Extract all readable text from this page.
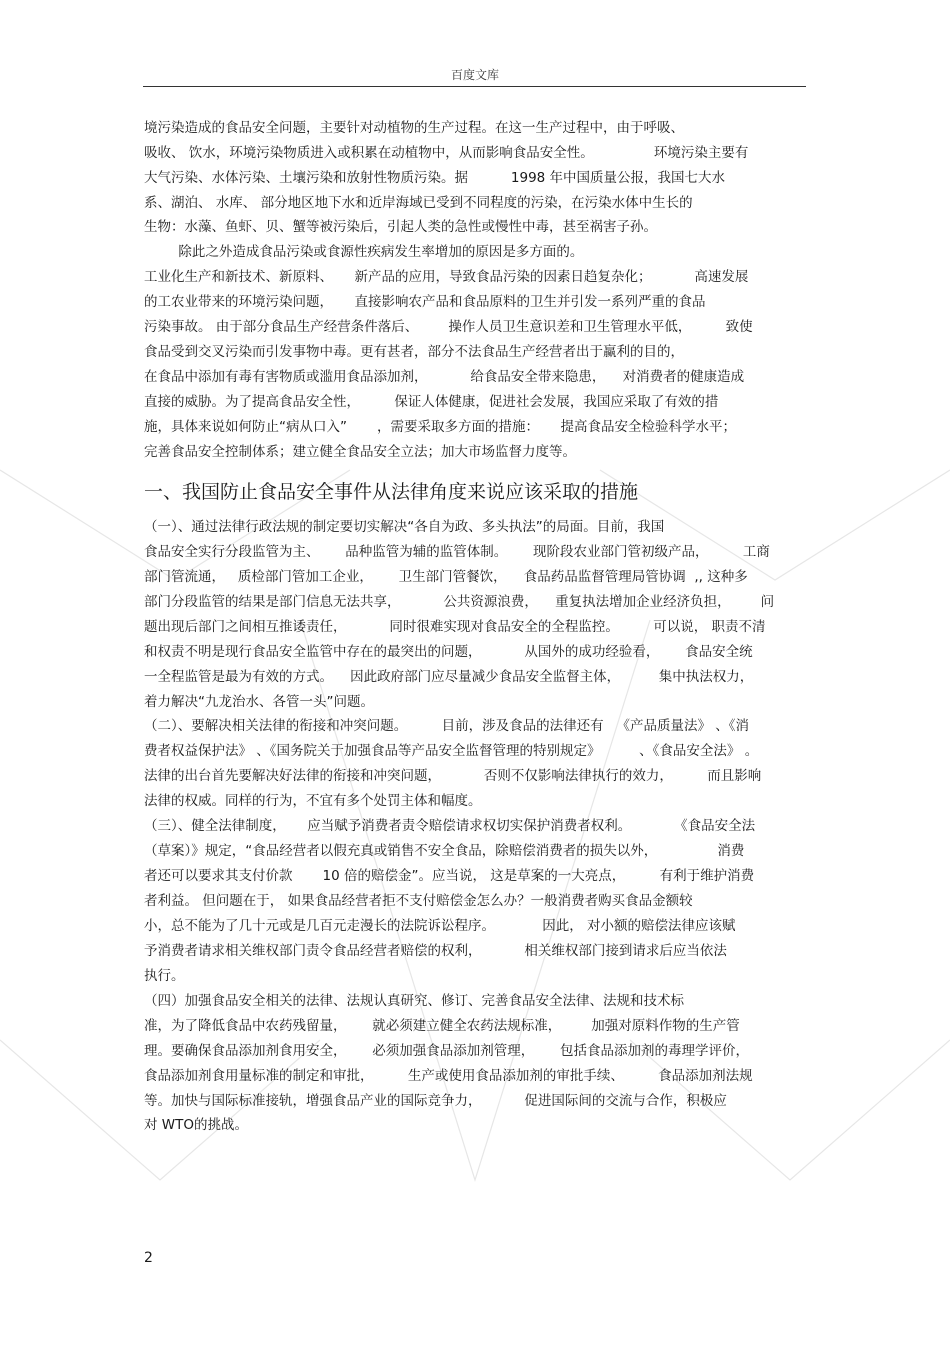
百度文库
境污染造成的食品安全问题，主要针对动植物的生产过程。在这一生产过程中，由于呼吸、
吸收、 饮水，环境污染物质进入或积累在动植物中，从而影响食品安全性。              环境污染主要有
大气污染、水体污染、土壤污染和放射性物质污染。据          1998 年中国质量公报，我国七大水
系、湖泊、 水库、 部分地区地下水和近岸海域已受到不同程度的污染，在污染水体中生长的
生物：水藻、鱼虾、贝、蟹等被污染后，引起人类的急性或慢性中毒，甚至祸害子孙。
除此之外造成食品污染或食源性疾病发生率增加的原因是多方面的。
工业化生产和新技术、新原料、     新产品的应用，导致食品污染的因素日趋复杂化；          高速发展
的工农业带来的环境污染问题，     直接影响农产品和食品原料的卫生并引发一系列严重的食品
污染事故。 由于部分食品生产经营条件落后、       操作人员卫生意识差和卫生管理水平低，        致使
食品受到交叉污染而引发事物中毒。更有甚者，部分不法食品生产经营者出于赢利的目的，
在食品中添加有毒有害物质或滥用食品添加剂，          给食品安全带来隐患，    对消费者的健康造成
直接的威胁。为了提高食品安全性，        保证人体健康，促进社会发展，我国应采取了有效的措
施，具体来说如何防止“病从口入”       ，需要采取多方面的措施：     提高食品安全检验科学水平；
完善食品安全控制体系；建立健全食品安全立法；加大市场监督力度等。
一、我国防止食品安全事件从法律角度来说应该采取的措施
（一）、通过法律行政法规的制定要切实解决“各自为政、多头执法”的局面。目前，我国
食品安全实行分段监管为主、      品种监管为辅的监管体制。      现阶段农业部门管初级产品，        工商
部门管流通，   质检部门管加工企业，      卫生部门管餐饮，    食品药品监督管理局管协调  ,, 这种多
部门分段监管的结果是部门信息无法共享，          公共资源浪费，    重复执法增加企业经济负担，       问
题出现后部门之间相互推诿责任，          同时很难实现对食品安全的全程监控。        可以说， 职责不清
和权责不明是现行食品安全监管中存在的最突出的问题，          从国外的成功经验看，      食品安全统
一全程监管是最为有效的方式。    因此政府部门应尽量减少食品安全监督主体，         集中执法权力，
着力解决“九龙治水、各管一头”问题。
（二）、要解决相关法律的衔接和冲突问题。        目前，涉及食品的法律还有   《产品质量法》 、《消
费者权益保护法》 、《国务院关于加强食品等产品安全监督管理的特别规定》         、《食品安全法》 。
法律的出台首先要解决好法律的衔接和冲突问题，          否则不仅影响法律执行的效力，        而且影响
法律的权威。同样的行为，不宜有多个处罚主体和幅度。
（三）、健全法律制度，     应当赋予消费者责令赔偿请求权切实保护消费者权利。          《食品安全法
（草案）》规定，“食品经营者以假充真或销售不安全食品，除赔偿消费者的损失以外，              消费
者还可以要求其支付价款       10 倍的赔偿金”。应当说， 这是草案的一大亮点，        有利于维护消费
者利益。 但问题在于， 如果食品经营者拒不支付赔偿金怎么办？一般消费者购买食品金额较
小，总不能为了几十元或是几百元走漫长的法院诉讼程序。           因此， 对小额的赔偿法律应该赋
予消费者请求相关维权部门责令食品经营者赔偿的权利，          相关维权部门接到请求后应当依法
执行。
（四）加强食品安全相关的法律、法规认真研究、修订、完善食品安全法律、法规和技术标
准，为了降低食品中农药残留量，      就必须建立健全农药法规标准，       加强对原料作物的生产管
理。要确保食品添加剂食用安全，      必须加强食品添加剂管理，      包括食品添加剂的毒理学评价，
食品添加剂食用量标准的制定和审批，        生产或使用食品添加剂的审批手续、        食品添加剂法规
等。加快与国际标准接轨，增强食品产业的国际竞争力，          促进国际间的交流与合作，积极应
对 WTO的挑战。
2
